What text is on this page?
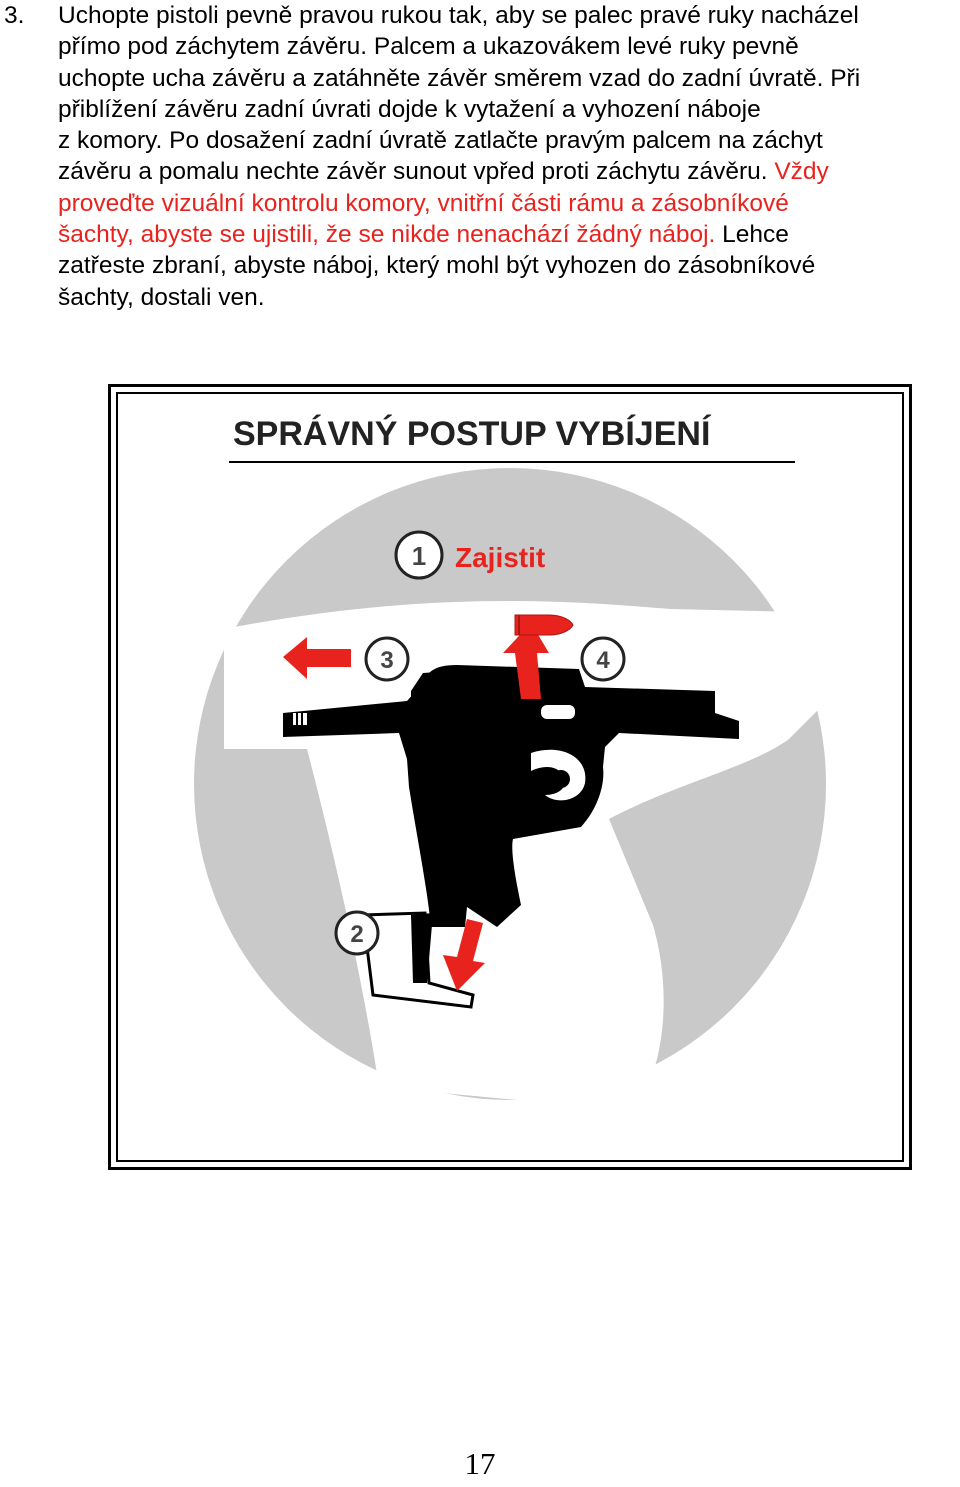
3. Uchopte pistoli pevně pravou rukou tak, aby se palec pravé ruky nacházel
přímo pod záchytem závěru. Palcem a ukazovákem levé ruky pevně
uchopte ucha závěru a zatáhněte závěr směrem vzad do zadní úvratě. Při
přiblížení závěru zadní úvrati dojde k vytažení a vyhození náboje
z komory. Po dosažení zadní úvratě zatlačte pravým palcem na záchyt
závěru a pomalu nechte závěr sunout vpřed proti záchytu závěru. Vždy
proveďte vizuální kontrolu komory, vnitřní části rámu a zásobníkové
šachty, abyste se ujistili, že se nikde nenachází žádný náboj. Lehce
zatřeste zbraní, abyste náboj, který mohl být vyhozen do zásobníkové
šachty, dostali ven.
SPRÁVNÝ POSTUP VYBÍJENÍ
1 Zajistit
2
3	4
17
